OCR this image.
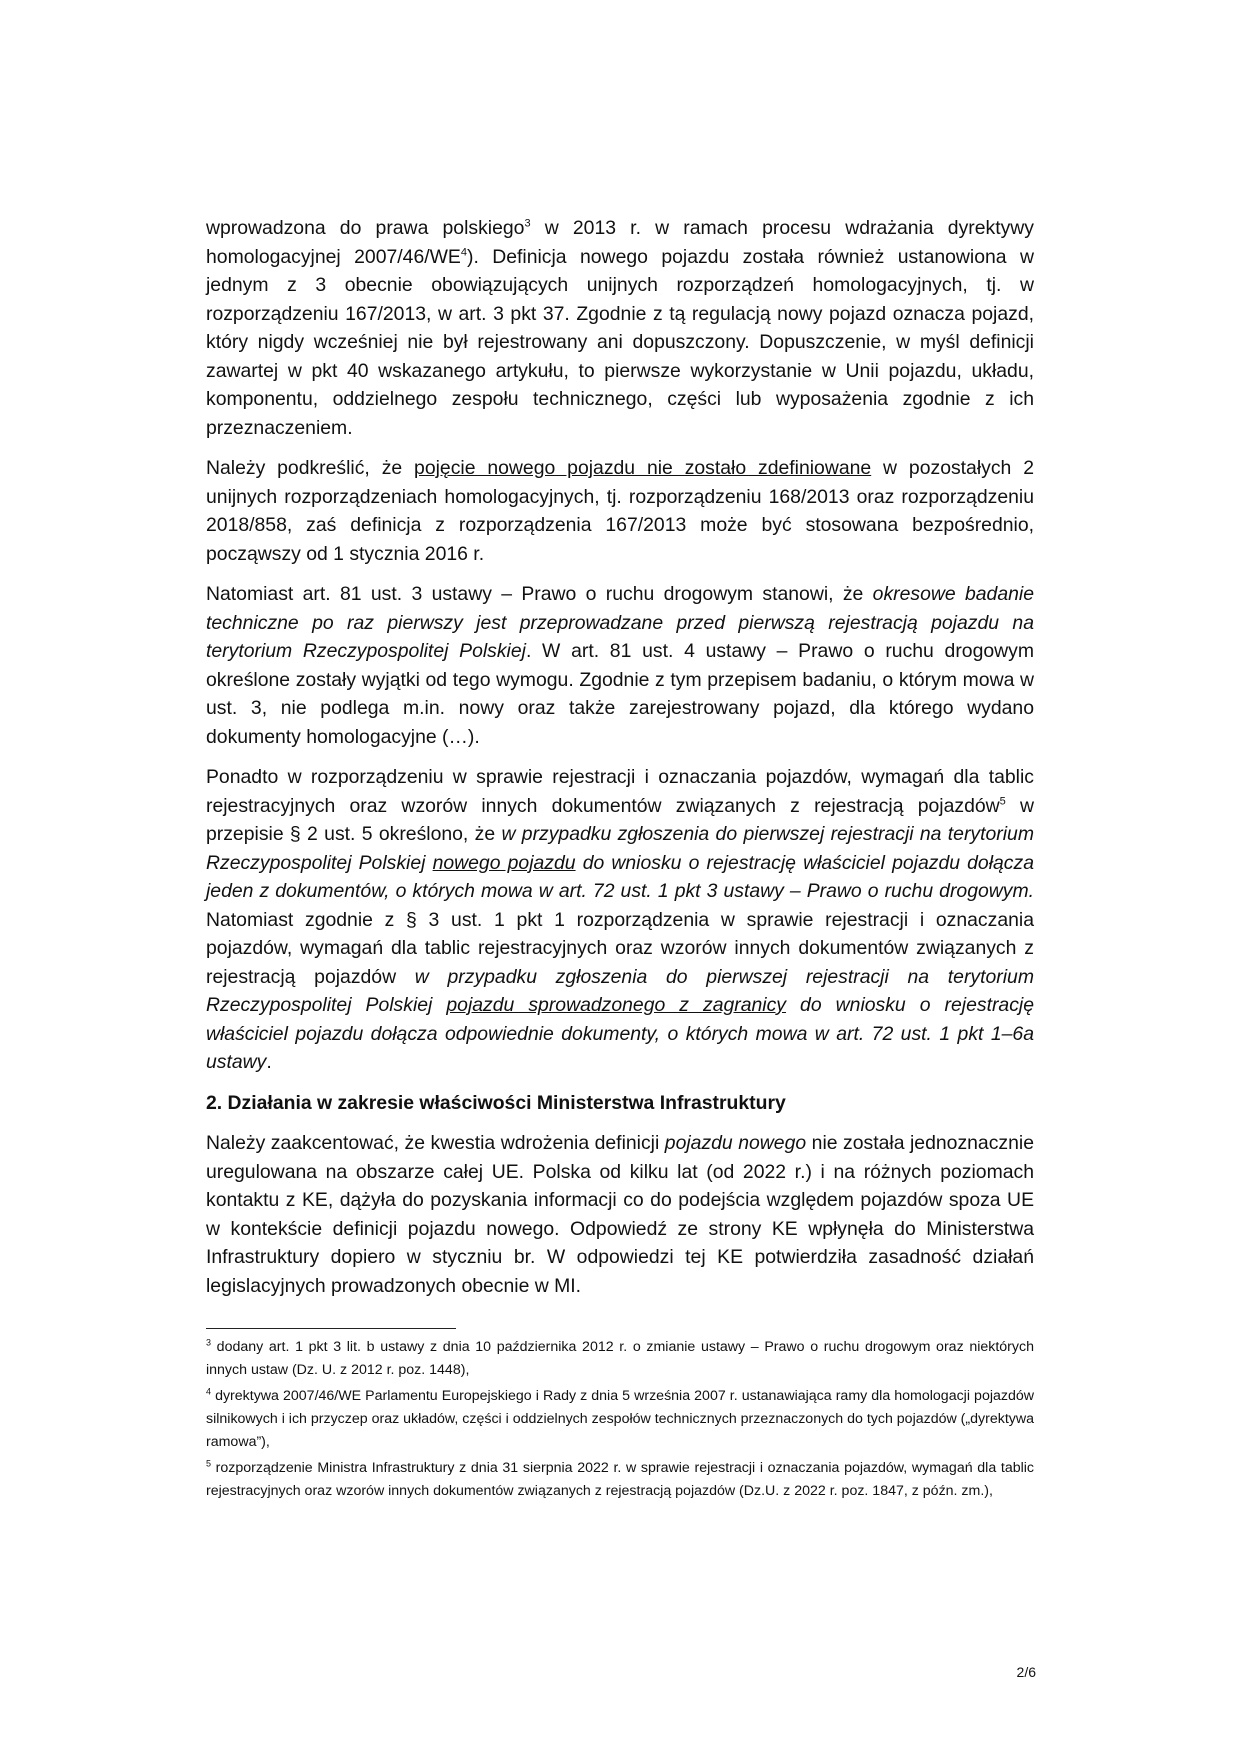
wprowadzona do prawa polskiego$^3$ w 2013 r. w ramach procesu wdrażania dyrektywy homologacyjnej $2007/46/WE^4$). Definicja nowego pojazdu została również ustanowiona w jednym z 3 obecnie obowiązujących unijnych rozporządzeń homologacyjnych, tj. w rozporządzeniu 167/2013, w art. 3 pkt 37. Zgodnie z tą regulacją nowy pojazd oznacza pojazd, który nigdy wcześniej nie był rejestrowany ani dopuszczony. Dopuszczenie, w myśl definicji zawartej w pkt 40 wskazanego artykułu, to pierwsze wykorzystanie w Unii pojazdu, układu, komponentu, oddzielnego zespołu technicznego, części lub wyposażenia zgodnie z ich przeznaczeniem.

Należy podkreślić, że pojęcie nowego pojazdu nie zostało zdefiniowane w pozostałych 2 unijnych rozporządzeniach homologacyjnych, tj. rozporządzeniu 168/2013 oraz rozporządzeniu 2018/858, zaś definicja z rozporządzenia 167/2013 może być stosowana bezpośrednio, począwszy od 1 stycznia 2016 r.

Natomiast art. 81 ust. 3 ustawy – Prawo o ruchu drogowym stanowi, że okresowe badanie techniczne po raz pierwszy jest przeprowadzane przed pierwszą rejestracją pojazdu na terytorium Rzeczypospolitej Polskiej. W art. 81 ust. 4 ustawy – Prawo o ruchu drogowym określone zostały wyjątki od tego wymogu. Zgodnie z tym przepisem badaniu, o którym mowa w ust. 3, nie podlega m.in. nowy oraz także zarejestrowany pojazd, dla którego wydano dokumenty homologacyjne (…).

Ponadto w rozporządzeniu w sprawie rejestracji i oznaczania pojazdów, wymagań dla tablic rejestracyjnych oraz wzorów innych dokumentów związanych z rejestracją pojazdów$^5$ w przepisie § 2 ust. 5 określono, że w przypadku zgłoszenia do pierwszej rejestracji na terytorium Rzeczypospolitej Polskiej nowego pojazdu do wniosku o rejestrację właściciel pojazdu dołącza jeden z dokumentów, o których mowa w art. 72 ust. 1 pkt 3 ustawy – Prawo o ruchu drogowym. Natomiast zgodnie z § 3 ust. 1 pkt 1 rozporządzenia w sprawie rejestracji i oznaczania pojazdów, wymagań dla tablic rejestracyjnych oraz wzorów innych dokumentów związanych z rejestracją pojazdów w przypadku zgłoszenia do pierwszej rejestracji na terytorium Rzeczypospolitej Polskiej pojazdu sprowadzonego z zagranicy do wniosku o rejestrację właściciel pojazdu dołącza odpowiednie dokumenty, o których mowa w art. 72 ust. 1 pkt 1–6a ustawy.

2. Działania w zakresie właściwości Ministerstwa Infrastruktury

Należy zaakcentować, że kwestia wdrożenia definicji pojazdu nowego nie została jednoznacznie uregulowana na obszarze całej UE. Polska od kilku lat (od 2022 r.) i na różnych poziomach kontaktu z KE, dążyła do pozyskania informacji co do podejścia względem pojazdów spoza UE w kontekście definicji pojazdu nowego. Odpowiedź ze strony KE wpłynęła do Ministerstwa Infrastruktury dopiero w styczniu br. W odpowiedzi tej KE potwierdziła zasadność działań legislacyjnych prowadzonych obecnie w MI.

$^3$ dodany art. 1 pkt 3 lit. b ustawy z dnia 10 października 2012 r. o zmianie ustawy – Prawo o ruchu drogowym oraz niektórych innych ustaw (Dz. U. z 2012 r. poz. 1448),

$^4$ dyrektywa 2007/46/WE Parlamentu Europejskiego i Rady z dnia 5 września 2007 r. ustanawiająca ramy dla homologacji pojazdów silnikowych i ich przyczep oraz układów, części i oddzielnych zespołów technicznych przeznaczonych do tych pojazdów („dyrektywa ramowa”),

$^5$ rozporządzenie Ministra Infrastruktury z dnia 31 sierpnia 2022 r. w sprawie rejestracji i oznaczania pojazdów, wymagań dla tablic rejestracyjnych oraz wzorów innych dokumentów związanych z rejestracją pojazdów (Dz.U. z 2022 r. poz. 1847, z późn. zm.),

2/6
